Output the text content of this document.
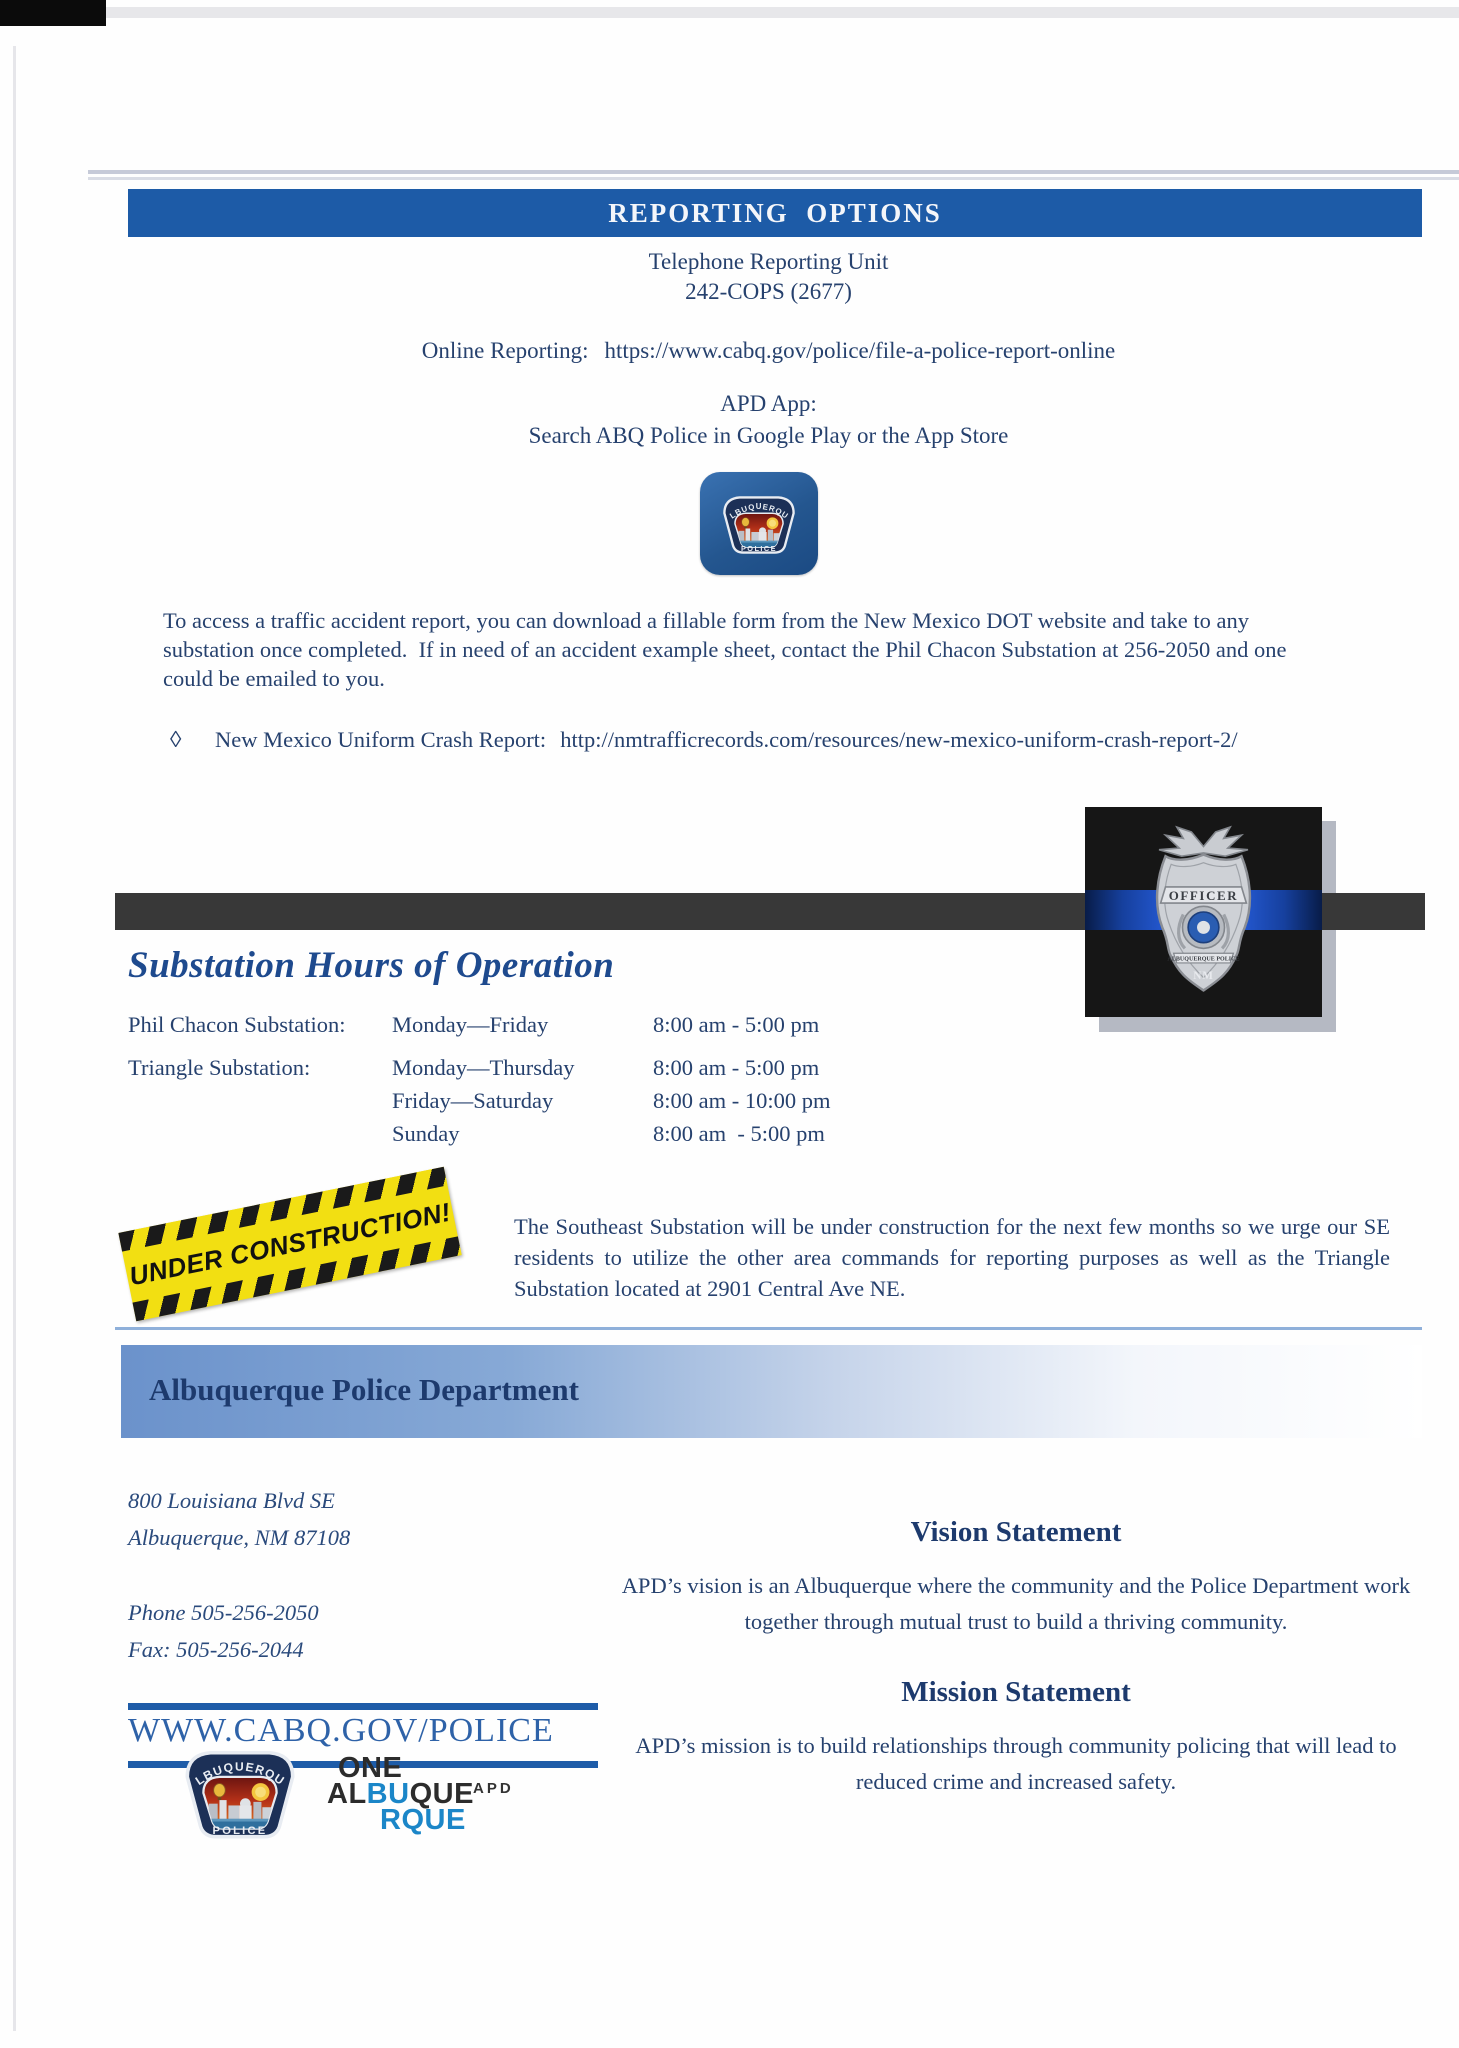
REPORTING  OPTIONS
Telephone Reporting Unit
242-COPS (2677)
Online Reporting: https://www.cabq.gov/police/file-a-police-report-online
APD App:
Search ABQ Police in Google Play or the App Store
To access a traffic accident report, you can download a fillable form from the New Mexico DOT website and take to any substation once completed.  If in need of an accident example sheet, contact the Phil Chacon Substation at 256-2050 and one could be emailed to you.
◊ New Mexico Uniform Crash Report: http://nmtrafficrecords.com/resources/new-mexico-uniform-crash-report-2/
Substation Hours of Operation
Phil Chacon Substation: Monday—Friday	8:00 am - 5:00 pm
Triangle Substation:	Monday—Thursday	8:00 am - 5:00 pm
Friday—Saturday	8:00 am - 10:00 pm
Sunday	8:00 am  - 5:00 pm
UNDER CONSTRUCTION!	The Southeast Substation will be under construction for the next few months so we urge our SE residents to utilize the other area commands for reporting purposes as well as the Triangle Substation located at 2901 Central Ave NE.
Albuquerque Police Department
800 Louisiana Blvd SE
Albuquerque, NM 87108
Phone 505-256-2050
Fax: 505-256-2044
Vision Statement
APD’s vision is an Albuquerque where the community and the Police Department work together through mutual trust to build a thriving community.
Mission Statement
APD’s mission is to build relationships through community policing that will lead to reduced crime and increased safety.
WWW.CABQ.GOV/POLICE
ONE
ALBUQUE
RQUE
APD
